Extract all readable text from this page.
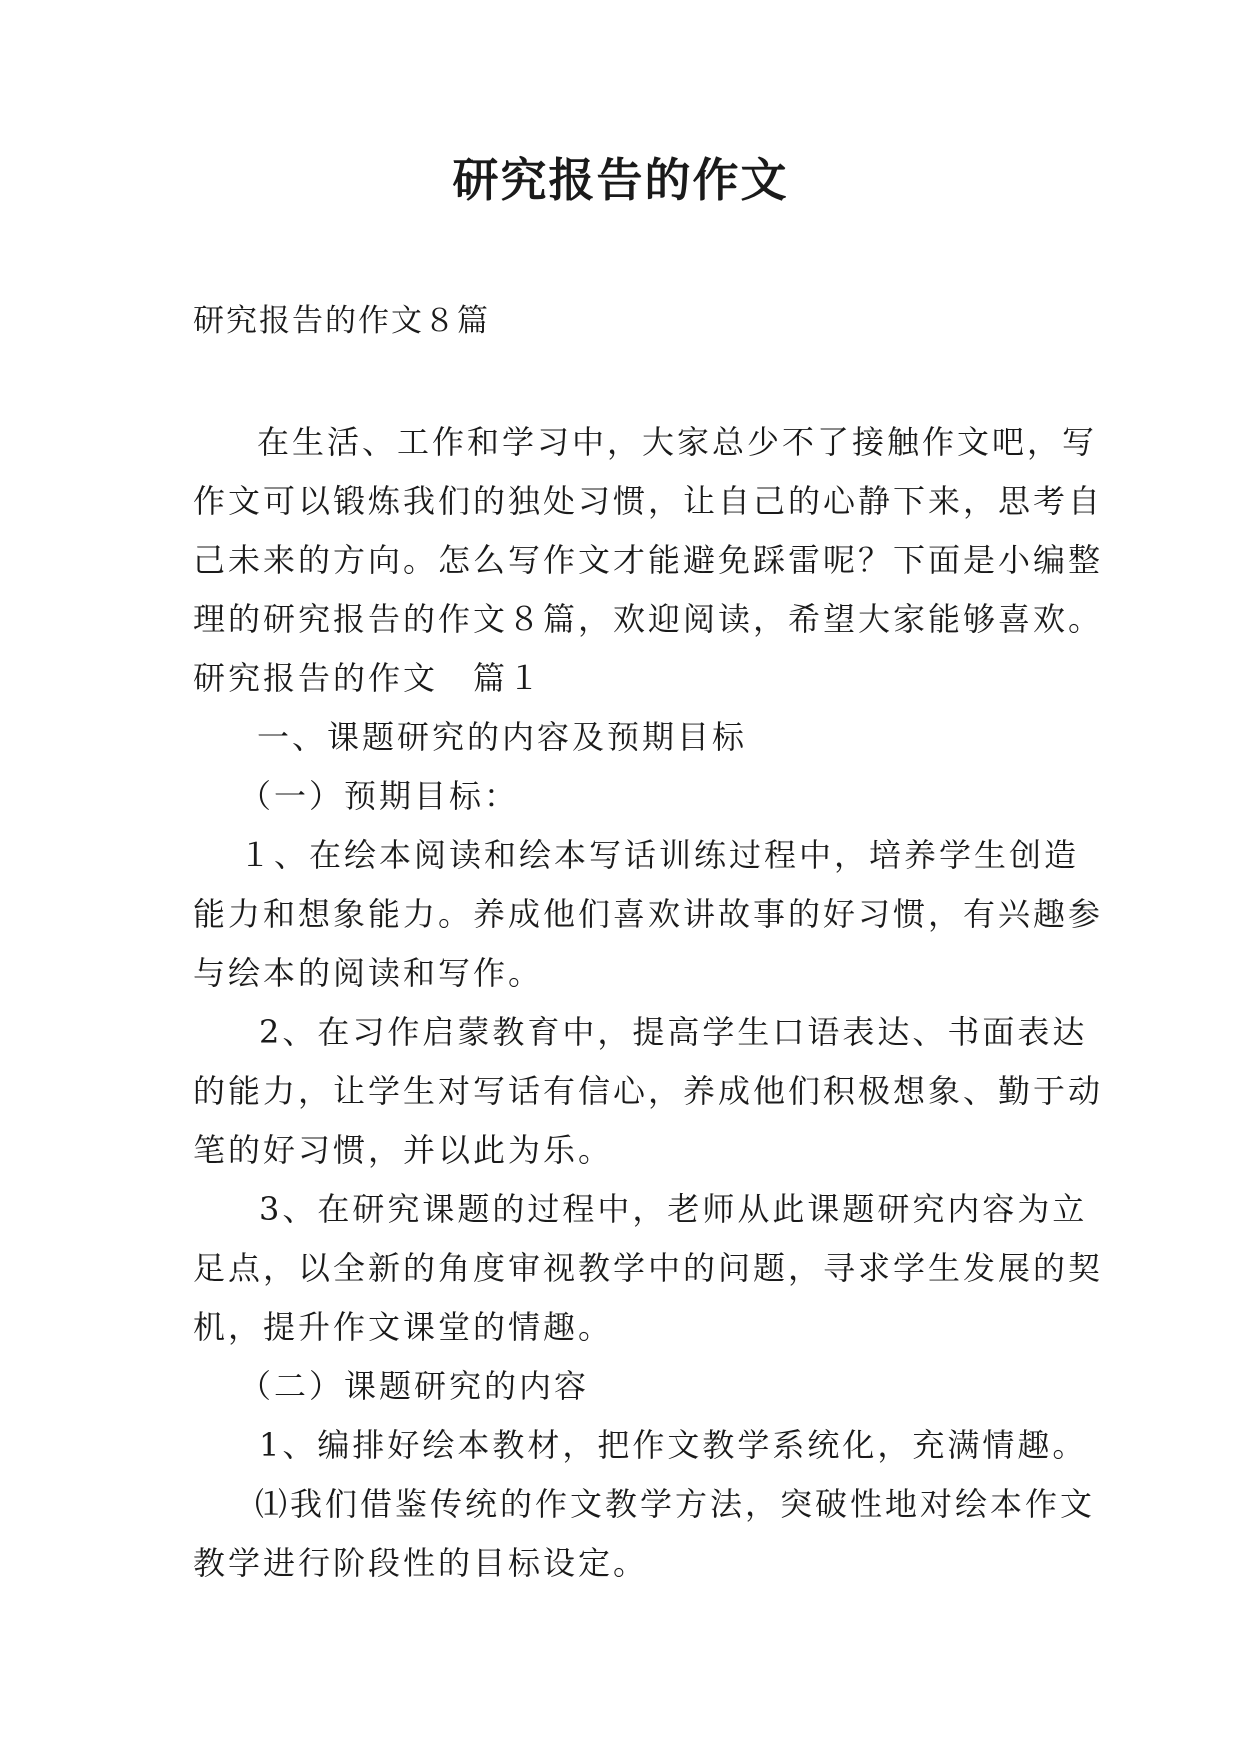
研究报告的作文

研究报告的作文８篇

在生活、工作和学习中，大家总少不了接触作文吧，写

作文可以锻炼我们的独处习惯，让自己的心静下来，思考自

己未来的方向。怎么写作文才能避免踩雷呢？下面是小编整

理的研究报告的作文８篇，欢迎阅读，希望大家能够喜欢。

研究报告的作文　篇１

一、课题研究的内容及预期目标

（一）预期目标：

１、在绘本阅读和绘本写话训练过程中，培养学生创造

能力和想象能力。养成他们喜欢讲故事的好习惯，有兴趣参

与绘本的阅读和写作。

2、在习作启蒙教育中，提高学生口语表达、书面表达

的能力，让学生对写话有信心，养成他们积极想象、勤于动

笔的好习惯，并以此为乐。

3、在研究课题的过程中，老师从此课题研究内容为立

足点，以全新的角度审视教学中的问题，寻求学生发展的契

机，提升作文课堂的情趣。

（二）课题研究的内容

1、编排好绘本教材，把作文教学系统化，充满情趣。

⑴我们借鉴传统的作文教学方法，突破性地对绘本作文

教学进行阶段性的目标设定。
